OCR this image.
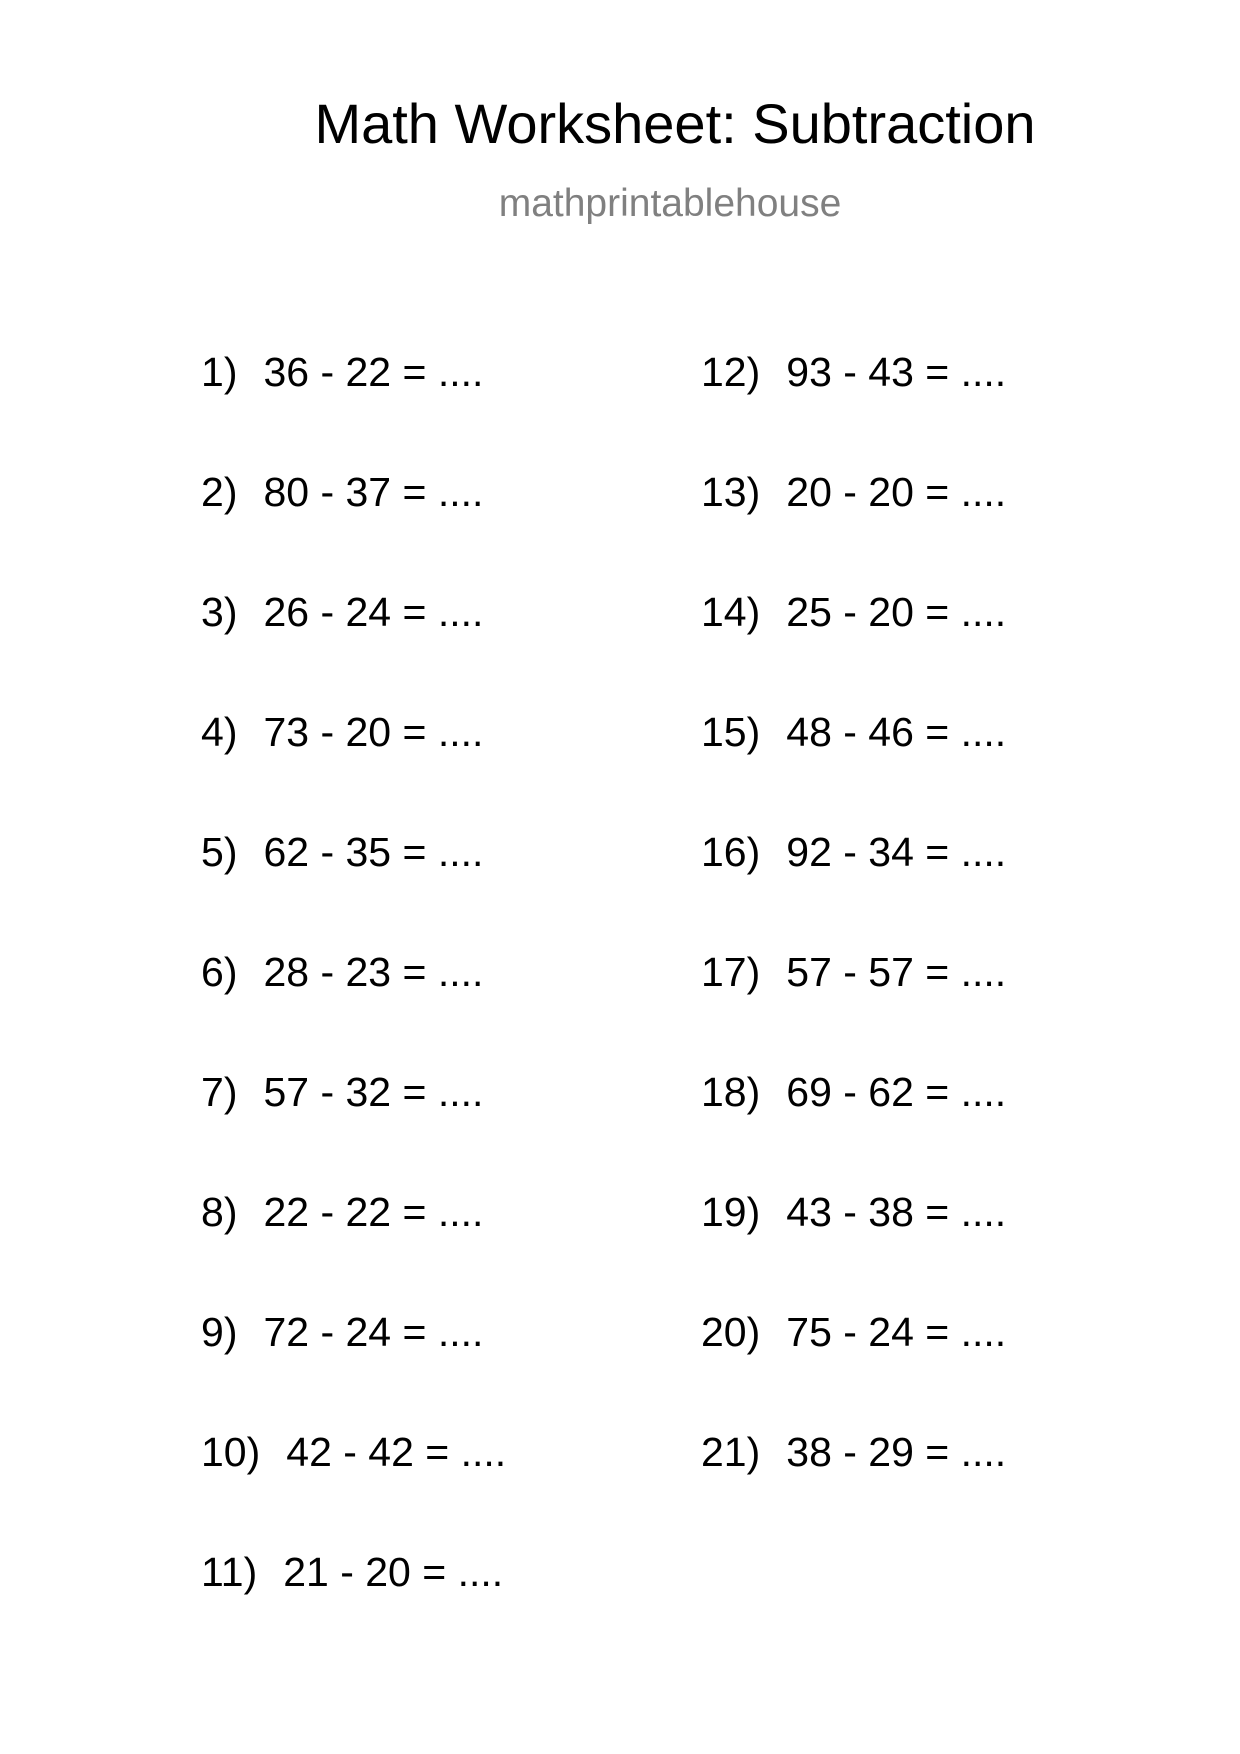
Math Worksheet: Subtraction
mathprintablehouse
1 ) 36 - 22 = ....
2 ) 80 - 37 = ....
3 ) 26 - 24 = ....
4 ) 73 - 20 = ....
5 ) 62 - 35 = ....
6 ) 28 - 23 = ....
7 ) 57 - 32 = ....
8 ) 22 - 22 = ....
9 ) 72 - 24 = ....
10 ) 42 - 42 = ....
11 ) 21 - 20 = ....
12 ) 93 - 43 = ....
13 ) 20 - 20 = ....
14 ) 25 - 20 = ....
15 ) 48 - 46 = ....
16 ) 92 - 34 = ....
17 ) 57 - 57 = ....
18 ) 69 - 62 = ....
19 ) 43 - 38 = ....
20 ) 75 - 24 = ....
21 ) 38 - 29 = ....
